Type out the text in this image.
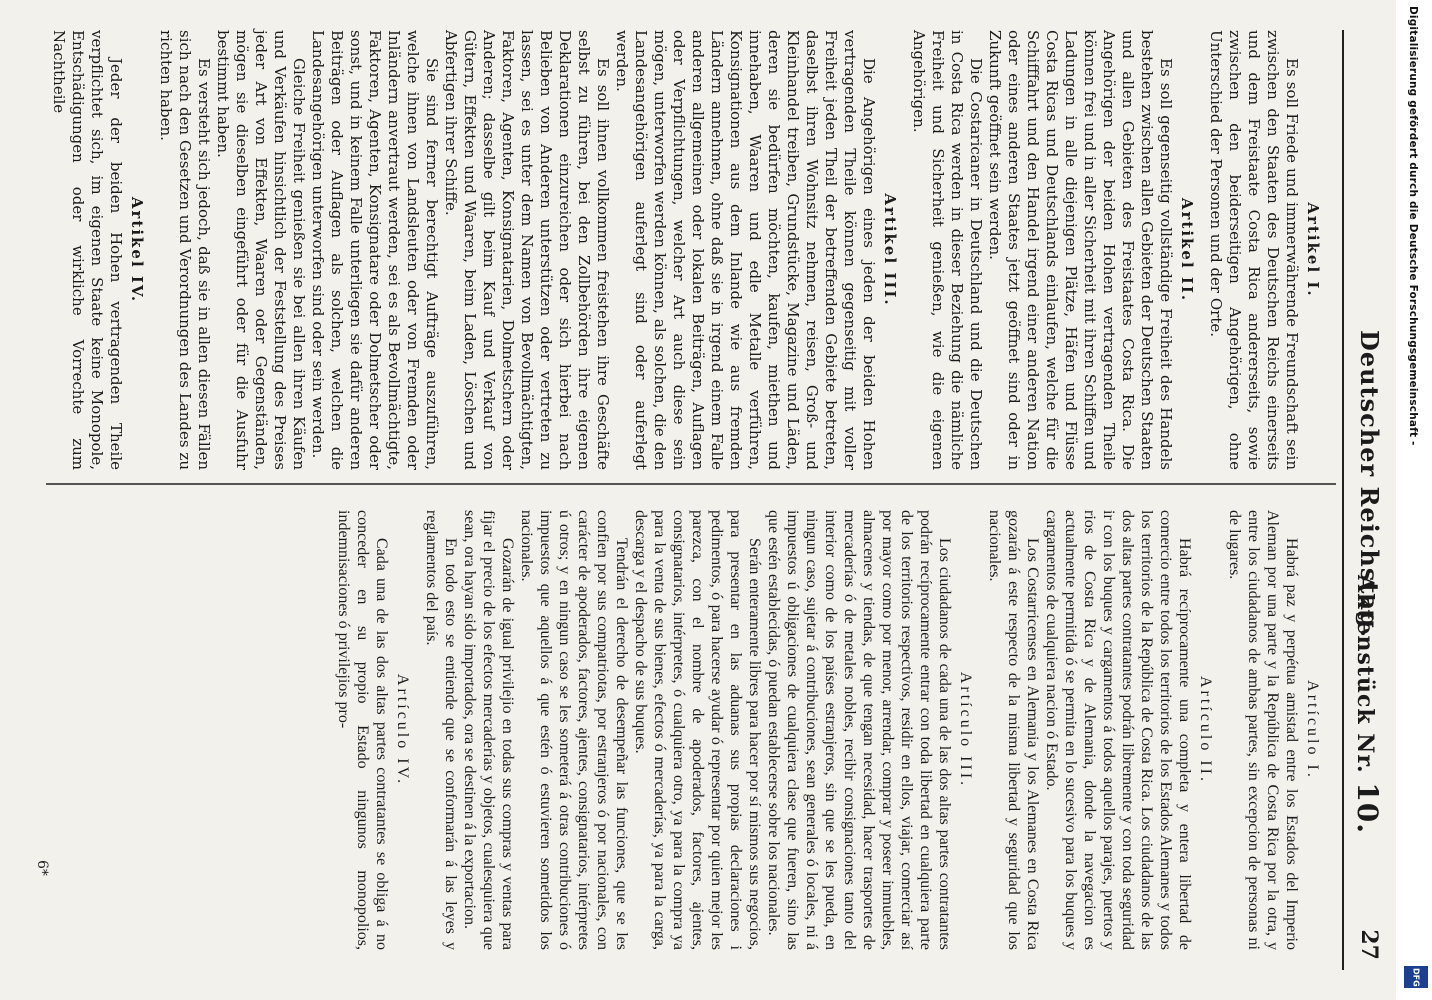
Deutscher Reichstag.
Aktenstück Nr. 10.
27
Artikel I.

Es soll Friede und immerwährende Freundschaft sein zwischen den Staaten des Deutschen Reichs einerseits und dem Freistaate Costa Rica andererseits, sowie zwischen den beiderseitigen Angehörigen, ohne Unterschied der Personen und der Orte.

Artikel II.

Es soll gegenseitig vollständige Freiheit des Handels bestehen zwischen allen Gebieten der Deutschen Staaten und allen Gebieten des Freistaates Costa Rica. Die Angehörigen der beiden Hohen vertragenden Theile können frei und in aller Sicherheit mit ihren Schiffen und Ladungen in alle diejenigen Plätze, Häfen und Flüsse Costa Ricas und Deutschlands einlaufen, welche für die Schifffahrt und den Handel irgend einer anderen Nation oder eines anderen Staates jetzt geöffnet sind oder in Zukunft geöffnet sein werden.

Die Costaricaner in Deutschland und die Deutschen in Costa Rica werden in dieser Beziehung die nämliche Freiheit und Sicherheit genießen, wie die eigenen Angehörigen.

Artikel III.

Die Angehörigen eines jeden der beiden Hohen vertragenden Theile können gegenseitig mit voller Freiheit jeden Theil der betreffenden Gebiete betreten, daselbst ihren Wohnsitz nehmen, reisen, Groß- und Kleinhandel treiben, Grundstücke, Magazine und Läden, deren sie bedürfen möchten, kaufen, miethen und innehaben, Waaren und edle Metalle verführen, Konsignationen aus dem Inlande wie aus fremden Ländern annehmen, ohne daß sie in irgend einem Falle anderen allgemeinen oder lokalen Beiträgen, Auflagen oder Verpflichtungen, welcher Art auch diese sein mögen, unterworfen werden können, als solchen, die den Landesangehörigen auferlegt sind oder auferlegt werden.

Es soll ihnen vollkommen freistehen ihre Geschäfte selbst zu führen, bei den Zollbehörden ihre eigenen Deklarationen einzureichen oder sich hierbei nach Belieben von Anderen unterstützen oder vertreten zu lassen, sei es unter dem Namen von Bevollmächtigten, Faktoren, Agenten, Konsignatarien, Dolmetschern oder Anderen; dasselbe gilt beim Kauf und Verkauf von Gütern, Effekten und Waaren, beim Laden, Löschen und Abfertigen ihrer Schiffe.

Sie sind ferner berechtigt Aufträge auszuführen, welche ihnen von Landsleuten oder von Fremden oder Inländern anvertraut werden, sei es als Bevollmächtigte, Faktoren, Agenten, Konsignatare oder Dolmetscher oder sonst, und in keinem Falle unterliegen sie dafür anderen Beiträgen oder Auflagen als solchen, welchen die Landesangehörigen unterworfen sind oder sein werden.

Gleiche Freiheit genießen sie bei allen ihren Käufen und Verkäufen hinsichtlich der Feststellung des Preises jeder Art von Effekten, Waaren oder Gegenständen, mögen sie dieselben eingeführt oder für die Ausfuhr bestimmt haben.

Es versteht sich jedoch, daß sie in allen diesen Fällen sich nach den Gesetzen und Verordnungen des Landes zu richten haben.

Artikel IV.

Jeder der beiden Hohen vertragenden Theile verpflichtet sich, im eigenen Staate keine Monopole, Entschädigungen oder wirkliche Vorrechte zum Nachtheile

Artículo I.

Habrá paz y perpétua amistad entre los Estados del Imperio Aleman por una parte y la República de Costa Rica por la otra, y entre los ciudadanos de ambas partes, sin excepcion de personas ni de lugares.

Artículo II.

Habrá recíprocamente una completa y entera libertad de comercio entre todos los territorios de los Estados Alemanes y todos los territorios de la República de Costa Rica. Los ciudadanos de las dos altas partes contratantes podrán libremente y con toda seguridad ir con los buques y cargamentos á todos aquellos parajes, puertos y rios de Costa Rica y de Alemania, donde la navegacion es actualmente permitida ó se permita en lo sucesivo para los buques y cargamentos de cualquiera nacion ó Estado.

Los Costarricenses en Alemania y los Alemanes en Costa Rica gozarán á este respecto de la misma libertad y seguridad que los nacionales.

Artículo III.

Los ciudadanos de cada una de las dos altas partes contratantes podrán recíprocamente entrar con toda libertad en cualquiera parte de los territorios respectivos, residir en ellos, viajar, comerciar así por mayor como por menor, arrendar, comprar y poseer inmuebles, almacenes y tiendas, de que tengan necesidad, hacer trasportes de mercaderías ó de metales nobles, recibir consignaciones tanto del interior como de los países estranjeros, sin que se les pueda, en ningun caso, sujetar á contribuciones, sean generales ó locales, ni á impuestos ú obligaciones de cualquiera clase que fueren, sino las que estén establecidas, ó puedan establecerse sobre los nacionales.

Serán enteramente libres para hacer por sí mismos sus negocios, para presentar en las aduanas sus propias declaraciones i pedimentos, ó para hacerse ayudar ó representar por quien mejor les parezca, con el nombre de apoderados, factores, ajentes, consignatarios, intérpretes, ó cualquiera otro, ya para la compra ya para la venta de sus bienes, efectos ó mercaderías, ya para la carga, descarga y el despacho de sus buques.

Tendrán el derecho de desempeñar las funciones, que se les confien por sus compatriotas, por estranjeros ó por nacionales, con carácter de apoderados, factores, ajentes, consignatarios, intérpretes ú otros; y en ningun caso se les someterá á otras contribuciones ó impuestos que aquellos á que estén ó estuvieren sometidos los nacionales.

Gozarán de igual privilejio en todas sus compras y ventas para fijar el precio de los efectos mercaderías y objetos, cualesquiera que sean, ora hayan sido importados, ora se destinen á la exportacion.

En todo esto se entiende que se conformarán á las leyes y reglamentos del país.

Artículo IV.

Cada una de las dos altas partes contratantes se obliga á no conceder en su propio Estado ningunos monopolios, indemnisaciones ó privilejios pro-

6*
Digitalisierung gefördert durch die Deutsche Forschungsgemeinschaft -
DFG
